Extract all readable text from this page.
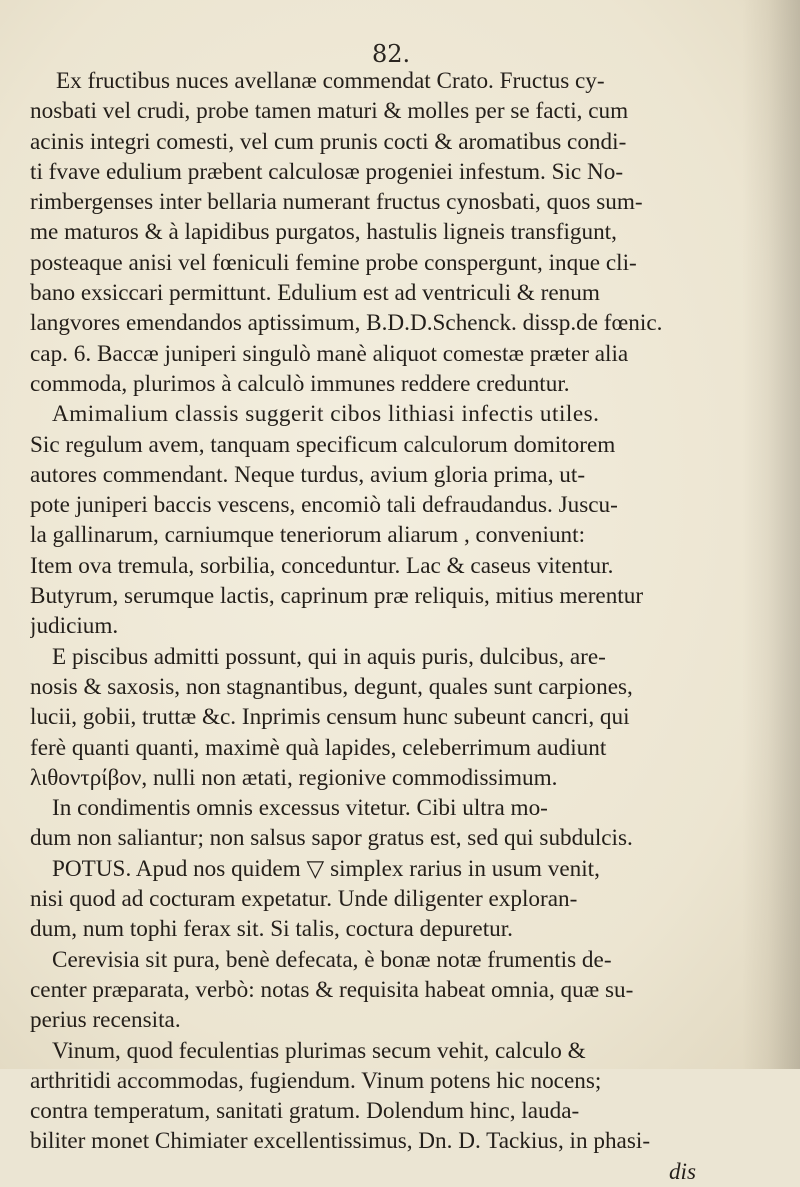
82.
Ex fructibus nuces avellanæ commendat Crato. Fructus cy-
nosbati vel crudi, probe tamen maturi & molles per se facti, cum
acinis integri comesti, vel cum prunis cocti & aromatibus condi-
ti fvave edulium præbent calculosæ progeniei infestum. Sic No-
rimbergenses inter bellaria numerant fructus cynosbati, quos sum-
me maturos & à lapidibus purgatos, hastulis ligneis transfigunt,
posteaque anisi vel fœniculi femine probe conspergunt, inque cli-
bano exsiccari permittunt. Edulium est ad ventriculi & renum
langvores emendandos aptissimum, B.D.D.Schenck. dissp.de fœnic.
cap. 6. Baccæ juniperi singulò manè aliquot comestæ præter alia
commoda, plurimos à calculò immunes reddere creduntur.
Amimalium classis suggerit cibos lithiasi infectis utiles.
Sic regulum avem, tanquam specificum calculorum domitorem
autores commendant. Neque turdus, avium gloria prima, ut-
pote juniperi baccis vescens, encomiò tali defraudandus. Juscu-
la gallinarum, carniumque teneriorum aliarum , conveniunt:
Item ova tremula, sorbilia, conceduntur. Lac & caseus vitentur.
Butyrum, serumque lactis, caprinum præ reliquis, mitius merentur
judicium.
E piscibus admitti possunt, qui in aquis puris, dulcibus, are-
nosis & saxosis, non stagnantibus, degunt, quales sunt carpiones,
lucii, gobii, truttæ &c. Inprimis censum hunc subeunt cancri, qui
ferè quanti quanti, maximè quà lapides, celeberrimum audiunt
λιθοντρίβον, nulli non ætati, regionive commodissimum.
In condimentis omnis excessus vitetur. Cibi ultra mo-
dum non saliantur; non salsus sapor gratus est, sed qui subdulcis.
POTUS. Apud nos quidem ▽ simplex rarius in usum venit,
nisi quod ad cocturam expetatur. Unde diligenter exploran-
dum, num tophi ferax sit. Si talis, coctura depuretur.
Cerevisia sit pura, benè defecata, è bonæ notæ frumentis de-
center præparata, verbò: notas & requisita habeat omnia, quæ su-
perius recensita.
Vinum, quod feculentias plurimas secum vehit, calculo &
arthritidi accommodas, fugiendum. Vinum potens hic nocens;
contra temperatum, sanitati gratum. Dolendum hinc, lauda-
biliter monet Chimiater excellentissimus, Dn. D. Tackius, in phasi-
dis
